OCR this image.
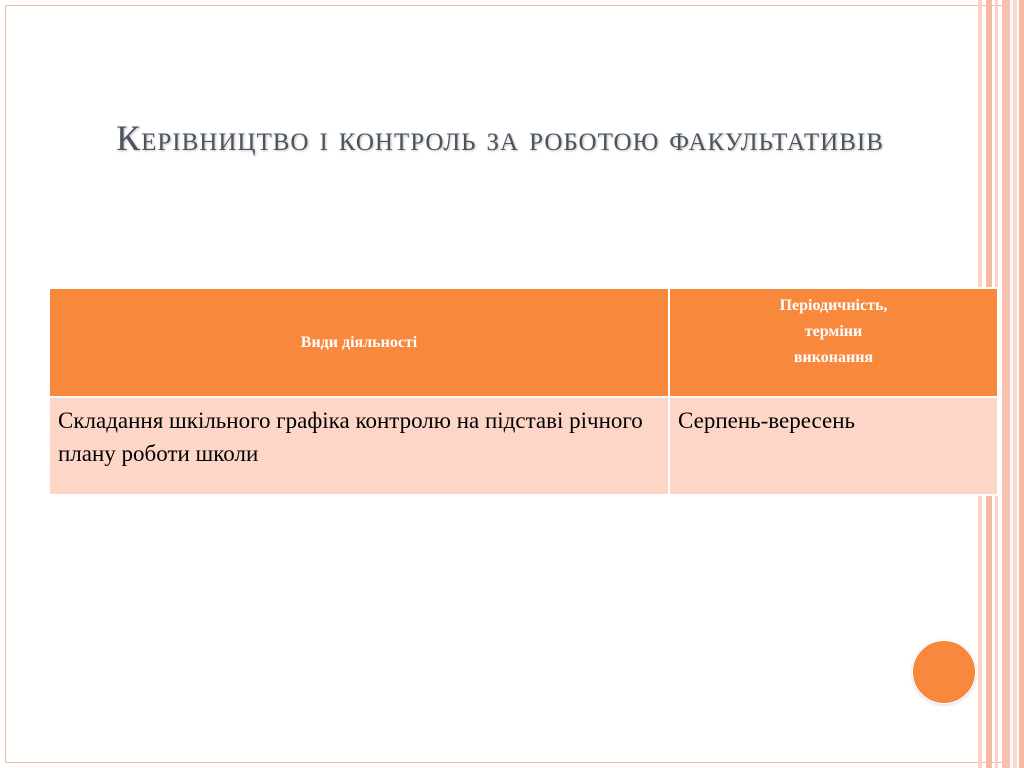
Керівництво і контроль за роботою факультативів
Види діяльності	Періодичність,
терміни
виконання

Складання шкільного графіка контролю на підставі річного плану роботи школи	Серпень-вересень
